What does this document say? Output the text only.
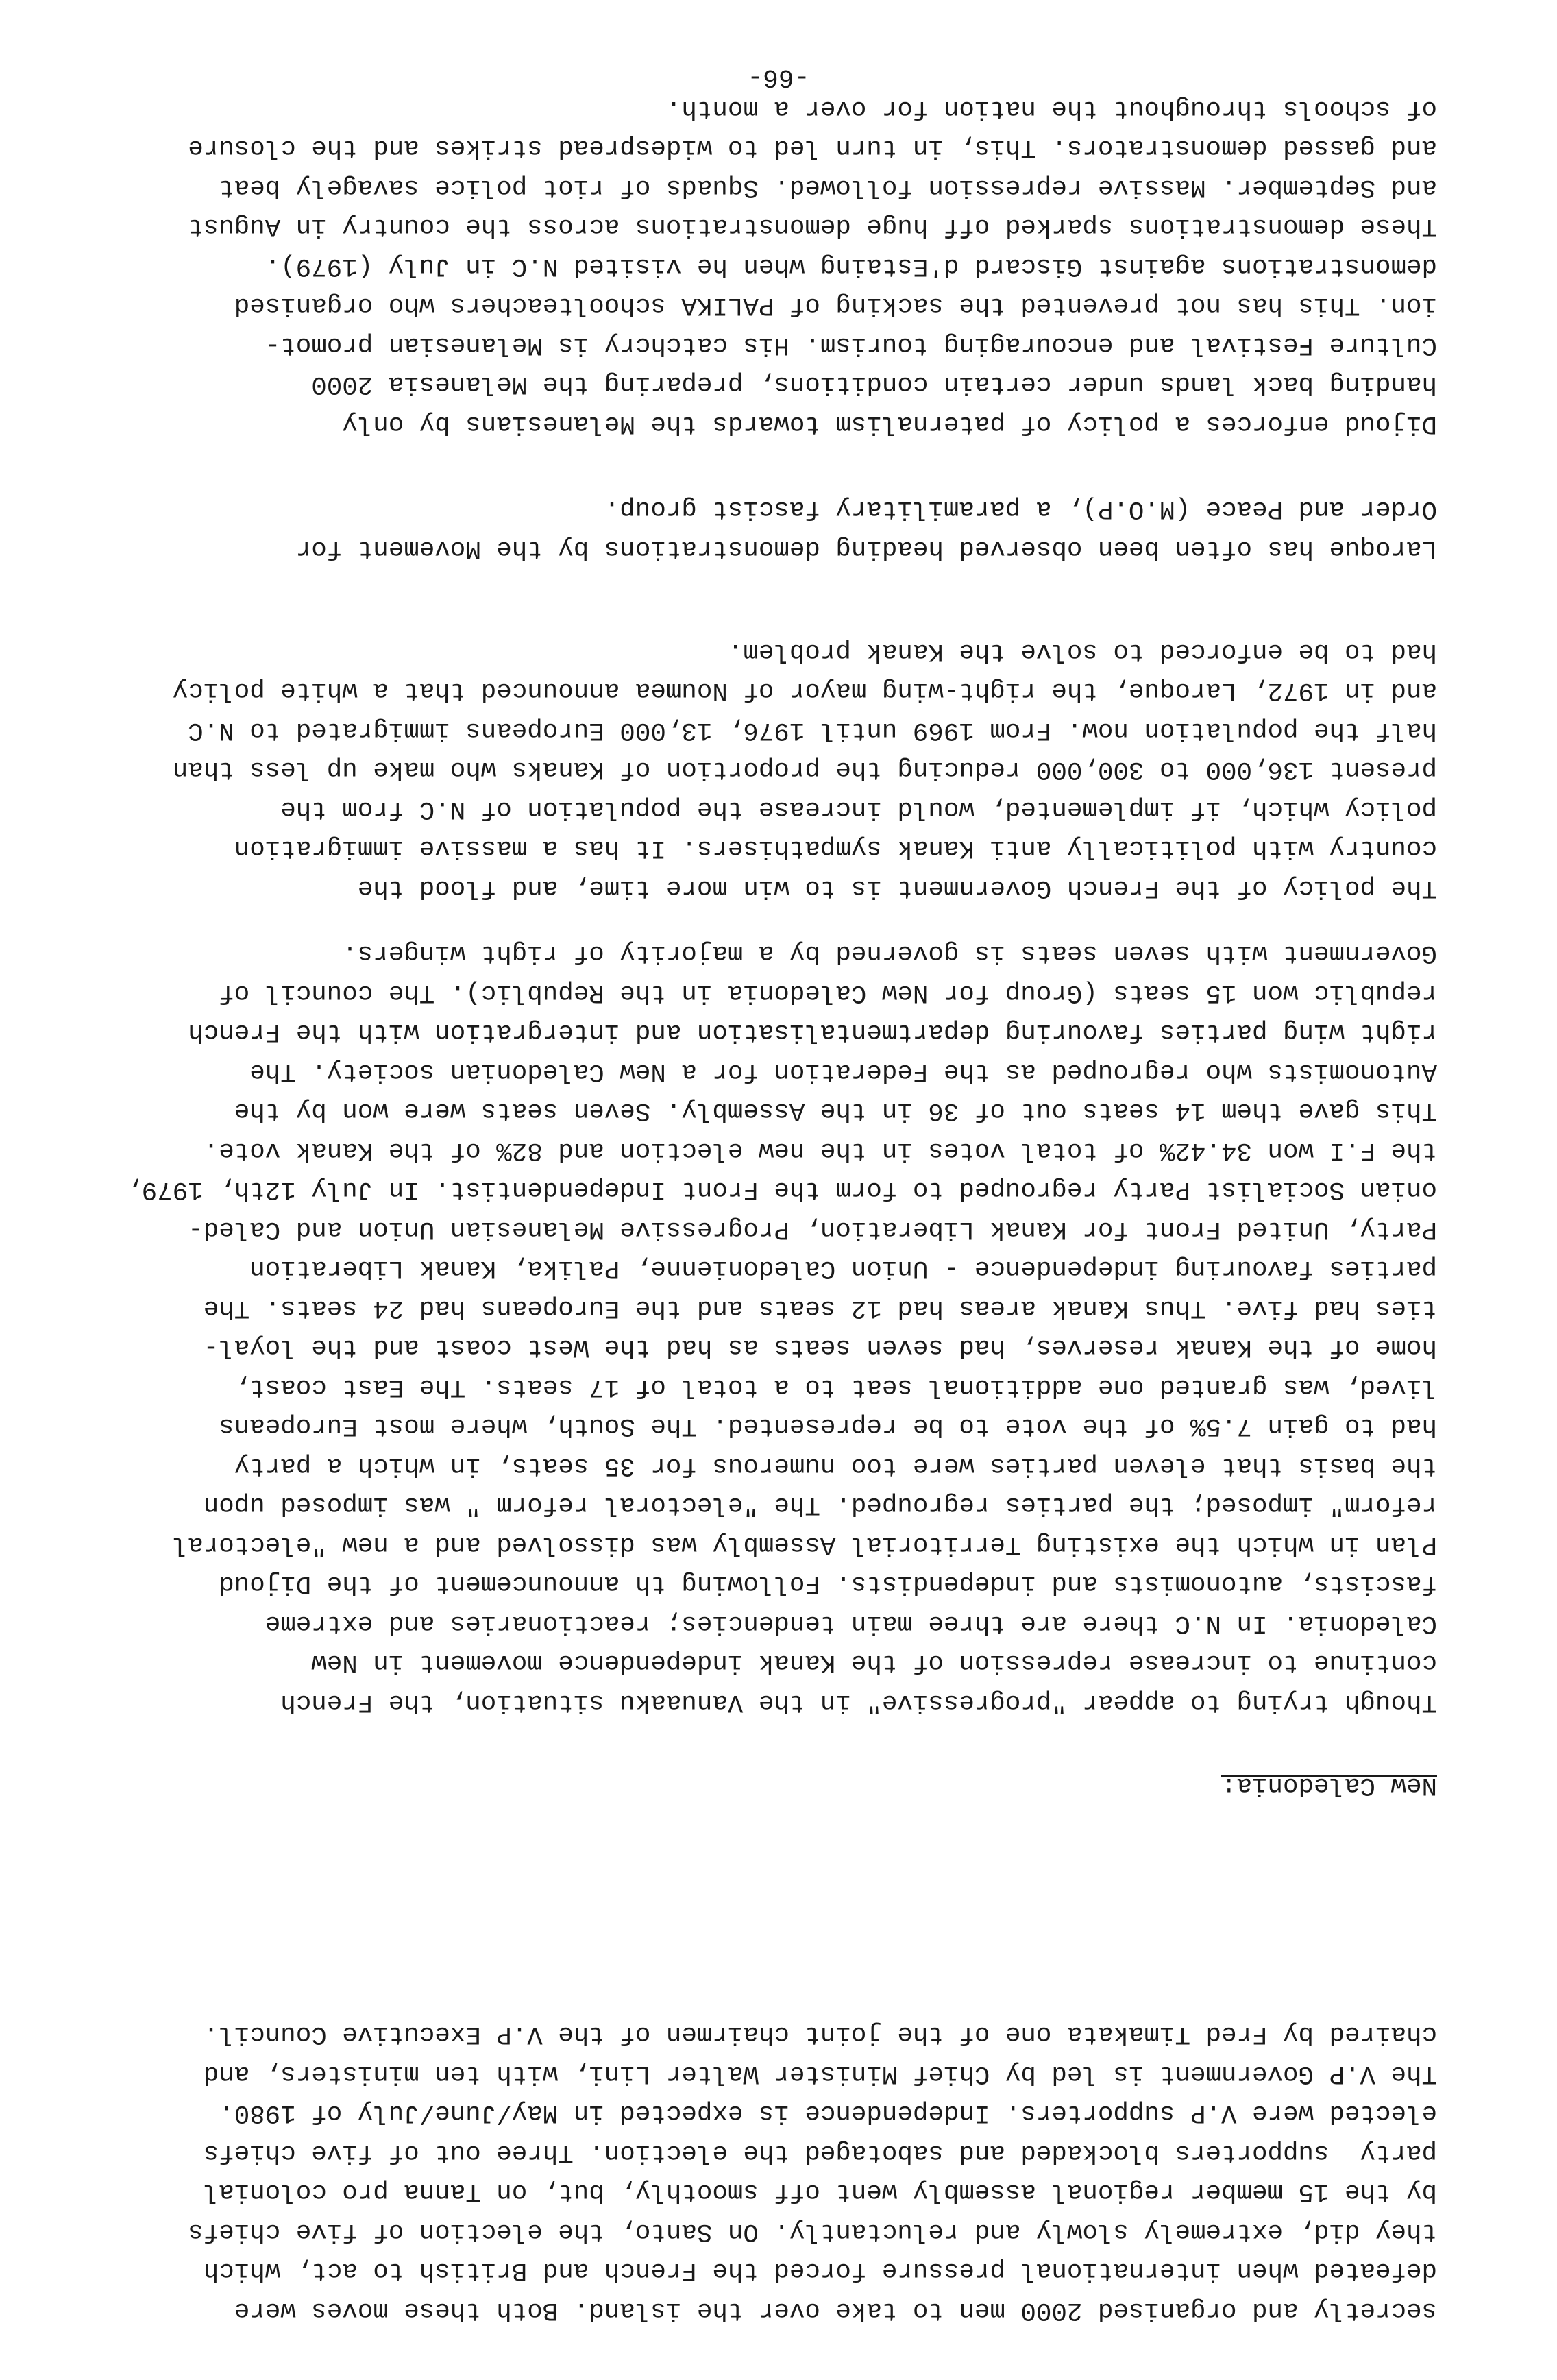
secretly and organised 2000 men to take over the island. Both these moves were
defeated when international pressure forced the French and British to act, which
they did, extremely slowly and reluctantly. On Santo, the election of five chiefs
by the 15 member regional assembly went off smoothly, but, on Tanna pro colonial
party  supporters blockaded and sabotaged the election. Three out of five chiefs
elected were V.P supporters. Independence is expected in May/June/July of 1980.
The V.P Government is led by Chief Minister Walter Lini, with ten ministers, and
chaired by Fred Timakata one of the joint chairmen of the V.P Executive Council.

New Caledonia:

Though trying to appear "progressive" in the Vanuaaku situation, the French
continue to increase repression of the Kanak independence movement in New
Caledonia. In N.C there are three main tendencies; reactionaries and extreme
fascists, autonomists and independists. Following th announcement of the Dijoud
Plan in which the existing Territorial Assembly was dissolved and a new "electoral
reform" imposed; the parties regrouped. The "electoral reform " was imposed upon
the basis that eleven parties were too numerous for 35 seats, in which a party
had to gain 7.5% of the vote to be represented. The South, where most Europeans
lived, was granted one additional seat to a total of 17 seats. The East coast,
home of the Kanak reserves, had seven seats as had the West coast and the loyal-
ties had five. Thus Kanak areas had 12 seats and the Europeans had 24 seats. The
parties favouring independence - Union Caledonienne, Palika, Kanak Liberation
Party, United Front for Kanak Liberation, Progressive Melanesian Union and Caled-
onian Socialist Party regrouped to form the Front Independentist. In July 12th, 1979,
the F.I won 34.42% of total votes in the new election and 82% of the Kanak vote.
This gave them 14 seats out of 36 in the Assembly. Seven seats were won by the
Autonomists who regrouped as the Federation for a New Caledonian society. The
right wing parties favouring departmentalisation and intergration with the French
republic won 15 seats (Group for New Caledonia in the Republic). The council of
Government with seven seats is governed by a majority of right wingers.

The policy of the French Government is to win more time, and flood the
country with politically anti Kanak sympathisers. It has a massive immigration
policy which, if implemented, would increase the population of N.C from the
present 136,000 to 300,000 reducing the proportion of Kanaks who make up less than
half the population now. From 1969 until 1976, 13,000 Europeans immigrated to N.C
and in 1972, Laroque, the right-wing mayor of Noumea announced that a white policy
had to be enforced to solve the Kanak problem.

Laroque has often been observed heading demonstrations by the Movement for
Order and Peace (M.O.P), a paramilitary fascist group.

Dijoud enforces a policy of paternalism towards the Melanesians by only
handing back lands under certain conditions, preparing the Melanesia 2000
Culture Festival and encouraging tourism. His catchcry is Melanesian promot-
ion. This has not prevented the sacking of PALIKA schoolteachers who organised
demonstrations against Giscard d'Estaing when he visited N.C in July (1979).
These demonstrations sparked off huge demonstrations across the country in August
and September. Massive repression followed. Squads of riot police savagely beat
and gassed demonstrators. This, in turn led to widespread strikes and the closure
of schools throughout the nation for over a month.

-66-
